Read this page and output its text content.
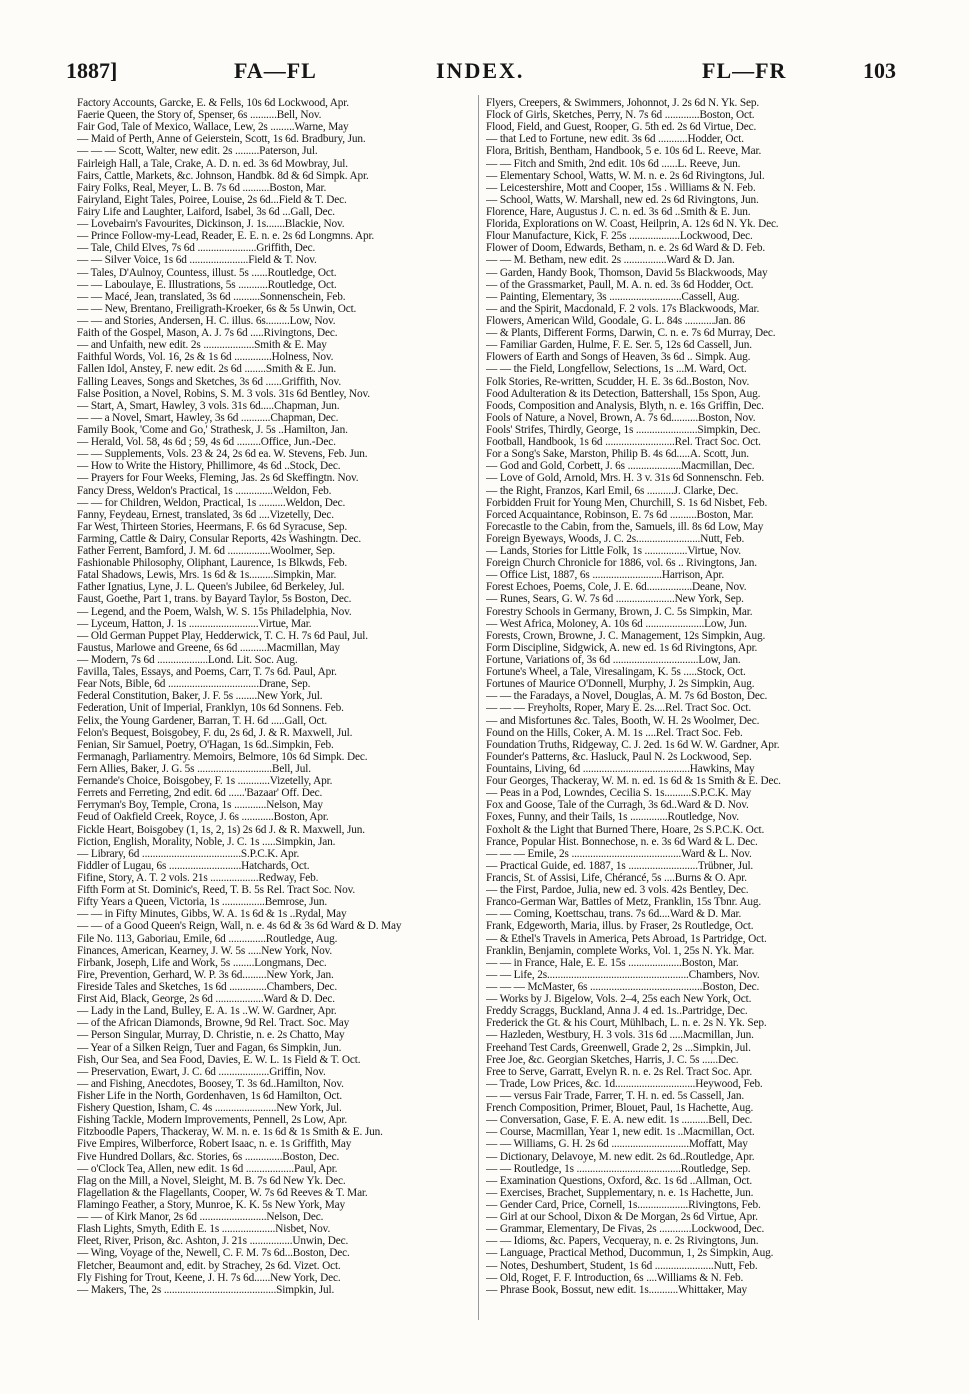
1887]	FA—FL	INDEX.	FL—FR	103
Factory Accounts, Garcke, E. & Fells, 10s 6d Lockwood, Apr.
Faerie Queen, the Story of, Spenser, 6s ..........Bell, Nov.
Fair God, Tale of Mexico, Wallace, Lew, 2s .........Warne, May
— Maid of Perth, Anne of Geierstein, Scott, 1s 6d. Bradbury, Jun.
— — — Scott, Walter, new edit. 2s .........Paterson, Jul.
Fairleigh Hall, a Tale, Crake, A. D. n. ed. 3s 6d Mowbray, Jul.
Fairs, Cattle, Markets, &c. Johnson, Handbk. 8d & 6d Simpk. Apr.
Fairy Folks, Real, Meyer, L. B. 7s 6d ..........Boston, Mar.
Fairyland, Eight Tales, Poiree, Louise, 2s 6d...Field & T. Dec.
Fairy Life and Laughter, Laiford, Isabel, 3s 6d ...Gall, Dec.
— Lovebairn's Favourites, Dickinson, J. 1s.......Blackie, Nov.
— Prince Follow-my-Lead, Reader, E. E. n. e. 2s 6d Longmns. Apr.
— Tale, Child Elves, 7s 6d ......................Griffith, Dec.
— — Silver Voice, 1s 6d ......................Field & T. Nov.
— Tales, D'Aulnoy, Countess, illust. 5s ......Routledge, Oct.
— — Laboulaye, E. Illustrations, 5s ...........Routledge, Oct.
— — Macé, Jean, translated, 3s 6d ..........Sonnenschein, Feb.
— — New, Brentano, Freiligrath-Kroeker, 6s & 5s Unwin, Oct.
— — and Stories, Andersen, H. C. illus. 6s.........Low, Nov.
Faith of the Gospel, Mason, A. J. 7s 6d .....Rivingtons, Dec.
— and Unfaith, new edit. 2s ...................Smith & E. May
Faithful Words, Vol. 16, 2s & 1s 6d ..............Holness, Nov.
Fallen Idol, Anstey, F. new edit. 2s 6d ........Smith & E. Jun.
Falling Leaves, Songs and Sketches, 3s 6d ......Griffith, Nov.
False Position, a Novel, Robins, S. M. 3 vols. 31s 6d Bentley, Nov.
— Start, A, Smart, Hawley, 3 vols. 31s 6d.....Chapman, Jun.
— — a Novel, Smart, Hawley, 3s 6d ...........Chapman, Dec.
Family Book, 'Come and Go,' Strathesk, J. 5s ..Hamilton, Jan.
— Herald, Vol. 58, 4s 6d ; 59, 4s 6d .........Office, Jun.-Dec.
— — Supplements, Vols. 23 & 24, 2s 6d ea. W. Stevens, Feb. Jun.
— How to Write the History, Phillimore, 4s 6d ..Stock, Dec.
— Prayers for Four Weeks, Fleming, Jas. 2s 6d Skeffingtn. Nov.
Fancy Dress, Weldon's Practical, 1s ..............Weldon, Feb.
— — for Children, Weldon, Practical, 1s ..........Weldon, Dec.
Fanny, Feydeau, Ernest, translated, 3s 6d ....Vizetelly, Dec.
Far West, Thirteen Stories, Heermans, F. 6s 6d Syracuse, Sep.
Farming, Cattle & Dairy, Consular Reports, 42s Washingtn. Dec.
Father Ferrent, Bamford, J. M. 6d ................Woolmer, Sep.
Fashionable Philosophy, Oliphant, Laurence, 1s Blkwds, Feb.
Fatal Shadows, Lewis, Mrs. 1s 6d & 1s.........Simpkin, Mar.
Father Ignatius, Lyne, J. L. Queen's Jubilee, 6d Berkeley, Jul.
Faust, Goethe, Part 1, trans. by Bayard Taylor, 5s Boston, Dec.
— Legend, and the Poem, Walsh, W. S. 15s Philadelphia, Nov.
— Lyceum, Hatton, J. 1s ..........................Virtue, Mar.
— Old German Puppet Play, Hedderwick, T. C. H. 7s 6d Paul, Jul.
Faustus, Marlowe and Greene, 6s 6d ..........Macmillan, May
— Modern, 7s 6d ...................Lond. Lit. Soc. Aug.
Favilla, Tales, Essays, and Poems, Carr, T. 7s 6d. Paul, Apr.
Fear Nots, Bible, 6d ..................................Drane, Sep.
Federal Constitution, Baker, J. F. 5s ........New York, Jul.
Federation, Unit of Imperial, Franklyn, 10s 6d Sonnens. Feb.
Felix, the Young Gardener, Barran, T. H. 6d .....Gall, Oct.
Felon's Bequest, Boisgobey, F. du, 2s 6d, J. & R. Maxwell, Jul.
Fenian, Sir Samuel, Poetry, O'Hagan, 1s 6d..Simpkin, Feb.
Fermanagh, Parliamentry. Memoirs, Belmore, 10s 6d Simpk. Dec.
Fern Allies, Baker, J. G. 5s ............................Bell, Jul.
Fernande's Choice, Boisgobey, F. 1s ............Vizetelly, Apr.
Ferrets and Ferreting, 2nd edit. 6d ......'Bazaar' Off. Dec.
Ferryman's Boy, Temple, Crona, 1s ............Nelson, May
Feud of Oakfield Creek, Royce, J. 6s ............Boston, Apr.
Fickle Heart, Boisgobey (1, 1s, 2, 1s) 2s 6d J. & R. Maxwell, Jun.
Fiction, English, Morality, Noble, J. C. 1s .....Simpkin, Jan.
— Library, 6d .....................................S.P.C.K. Apr.
Fiddler of Lugau, 6s ...........................Hatchards, Oct.
Fifine, Story, A. T. 2 vols. 21s ..................Redway, Feb.
Fifth Form at St. Dominic's, Reed, T. B. 5s Rel. Tract Soc. Nov.
Fifty Years a Queen, Victoria, 1s ................Bemrose, Jun.
— — in Fifty Minutes, Gibbs, W. A. 1s 6d & 1s ..Rydal, May
— — of a Good Queen's Reign, Wall, n. e. 4s 6d & 3s 6d Ward & D. May
File No. 113, Gaboriau, Emile, 6d ..............Routledge, Aug.
Finances, American, Kearney, J. W. 5s .....New York, Nov.
Firbank, Joseph, Life and Work, 5s ........Longmans, Dec.
Fire, Prevention, Gerhard, W. P. 3s 6d.........New York, Jan.
Fireside Tales and Sketches, 1s 6d ..............Chambers, Dec.
First Aid, Black, George, 2s 6d ..................Ward & D. Dec.
— Lady in the Land, Bulley, E. A. 1s ..W. W. Gardner, Apr.
— of the African Diamonds, Browne, 9d Rel. Tract. Soc. May
— Person Singular, Murray, D. Christie, n. e. 2s Chatto, May
— Year of a Silken Reign, Tuer and Fagan, 6s Simpkin, Jun.
Fish, Our Sea, and Sea Food, Davies, E. W. L. 1s Field & T. Oct.
— Preservation, Ewart, J. C. 6d ...................Griffin, Nov.
— and Fishing, Anecdotes, Boosey, T. 3s 6d..Hamilton, Nov.
Fisher Life in the North, Gordenhaven, 1s 6d Hamilton, Oct.
Fishery Question, Isham, C. 4s .......................New York, Jul.
Fishing Tackle, Modern Improvements, Pennell, 2s Low, Apr.
Fitzboodle Papers, Thackeray, W. M. n. e. 1s 6d & 1s Smith & E. Jun.
Five Empires, Wilberforce, Robert Isaac, n. e. 1s Griffith, May
Five Hundred Dollars, &c. Stories, 6s ..............Boston, Dec.
— o'Clock Tea, Allen, new edit. 1s 6d ..................Paul, Apr.
Flag on the Mill, a Novel, Sleight, M. B. 7s 6d New Yk. Dec.
Flagellation & the Flagellants, Cooper, W. 7s 6d Reeves & T. Mar.
Flamingo Feather, a Story, Munroe, K. K. 5s New York, May
— — of Kirk Manor, 2s 6d .........................Nelson, Dec.
Flash Lights, Smyth, Edith E. 1s ....................Nisbet, Nov.
Fleet, River, Prison, &c. Ashton, J. 21s ................Unwin, Dec.
— Wing, Voyage of the, Newell, C. F. M. 7s 6d...Boston, Dec.
Fletcher, Beaumont and, edit. by Strachey, 2s 6d. Vizet. Oct.
Fly Fishing for Trout, Keene, J. H. 7s 6d......New York, Dec.
— Makers, The, 2s ..........................................Simpkin, Jul.
Flyers, Creepers, & Swimmers, Johonnot, J. 2s 6d N. Yk. Sep.
Flock of Girls, Sketches, Perry, N. 7s 6d .............Boston, Oct.
Flood, Field, and Guest, Rooper, G. 5th ed. 2s 6d Virtue, Dec.
— that Led to Fortune, new edit. 3s 6d ...........Hodder, Oct.
Flora, British, Bentham, Handbook, 5 e. 10s 6d L. Reeve, Mar.
— — Fitch and Smith, 2nd edit. 10s 6d ......L. Reeve, Jun.
— Elementary School, Watts, W. M. n. e. 2s 6d Rivingtons, Jul.
— Leicestershire, Mott and Cooper, 15s . Williams & N. Feb.
— School, Watts, W. Marshall, new ed. 2s 6d Rivingtons, Jun.
Florence, Hare, Augustus J. C. n. ed. 3s 6d ..Smith & E. Jun.
Florida, Explorations on W. Coast, Heilprin, A. 12s 6d N. Yk. Dec.
Flour Manufacture, Kick, F. 25s ...................Lockwood, Dec.
Flower of Doom, Edwards, Betham, n. e. 2s 6d Ward & D. Feb.
— — M. Betham, new edit. 2s ................Ward & D. Jan.
— Garden, Handy Book, Thomson, David 5s Blackwoods, May
— of the Grassmarket, Paull, M. A. n. ed. 3s 6d Hodder, Oct.
— Painting, Elementary, 3s ...........................Cassell, Aug.
— and the Spirit, Macdonald, F. 2 vols. 17s Blackwoods, Mar.
Flowers, American Wild, Goodale, G. L. 84s ...........Jan. 86
— & Plants, Different Forms, Darwin, C. n. e. 7s 6d Murray, Dec.
— Familiar Garden, Hulme, F. E. Ser. 5, 12s 6d Cassell, Jun.
Flowers of Earth and Songs of Heaven, 3s 6d .. Simpk. Aug.
— — the Field, Longfellow, Selections, 1s ...M. Ward, Oct.
Folk Stories, Re-written, Scudder, H. E. 3s 6d..Boston, Nov.
Food Adulteration & its Detection, Battershall, 15s Spon, Aug.
Foods, Composition and Analysis, Blyth, n. e. 16s Griffin, Dec.
Fools of Nature, a Novel, Brown, A. 7s 6d..........Boston, Nov.
Fools' Strifes, Thirdly, George, 1s .......................Simpkin, Dec.
Football, Handbook, 1s 6d ..........................Rel. Tract Soc. Oct.
For a Song's Sake, Marston, Philip B. 4s 6d.....A. Scott, Jun.
— God and Gold, Corbett, J. 6s ....................Macmillan, Dec.
— Love of Gold, Arnold, Mrs. H. 3 v. 31s 6d Sonnenschn. Feb.
— the Right, Franzos, Karl Emil, 6s ..........J. Clarke, Dec.
Forbidden Fruit for Young Men, Churchill, S. 1s 6d Nisbet, Feb.
Forced Acquaintance, Robinson, E. 7s 6d ..........Boston, Mar.
Forecastle to the Cabin, from the, Samuels, ill. 8s 6d Low, May
Foreign Byeways, Woods, J. C. 2s........................Nutt, Feb.
— Lands, Stories for Little Folk, 1s ................Virtue, Nov.
Foreign Church Chronicle for 1886, vol. 6s .. Rivingtons, Jan.
— Office List, 1887, 6s ..........................Harrison, Apr.
Forest Echoes, Poems, Cole, J. E. 6d.................Deane, Nov.
— Runes, Sears, G. W. 7s 6d ......................New York, Sep.
Forestry Schools in Germany, Brown, J. C. 5s Simpkin, Mar.
— West Africa, Moloney, A. 10s 6d ......................Low, Jun.
Forests, Crown, Browne, J. C. Management, 12s Simpkin, Aug.
Form Discipline, Sidgwick, A. new ed. 1s 6d Rivingtons, Apr.
Fortune, Variations of, 3s 6d ................................Low, Jan.
Fortune's Wheel, a Tale, Viresalingam, K. 5s .....Stock, Oct.
Fortunes of Maurice O'Donnell, Murphy, J. 2s Simpkin, Aug.
— — the Faradays, a Novel, Douglas, A. M. 7s 6d Boston, Dec.
— — — Freyholts, Roper, Mary E. 2s....Rel. Tract Soc. Oct.
— and Misfortunes &c. Tales, Booth, W. H. 2s Woolmer, Dec.
Found on the Hills, Coker, A. M. 1s ....Rel. Tract Soc. Feb.
Foundation Truths, Ridgeway, C. J. 2ed. 1s 6d W. W. Gardner, Apr.
Founder's Patterns, &c. Hasluck, Paul N. 2s Lockwood, Sep.
Fountains, Living, 6d ........................................Hawkins, May
Four Georges, Thackeray, W. M. n. ed. 1s 6d & 1s Smith & E. Dec.
— Peas in a Pod, Lowndes, Cecilia S. 1s..........S.P.C.K. May
Fox and Goose, Tale of the Curragh, 3s 6d..Ward & D. Nov.
Foxes, Funny, and their Tails, 1s ..............Routledge, Nov.
Foxholt & the Light that Burned There, Hoare, 2s S.P.C.K. Oct.
France, Popular Hist. Bonnechose, n. e. 3s 6d Ward & L. Dec.
— — — Emile, 2s .........................................Ward & L. Nov.
— Practical Guide, ed. 1887, 1s ..........................Trübner, Jul.
Francis, St. of Assisi, Life, Chérancé, 5s ....Burns & O. Apr.
— the First, Pardoe, Julia, new ed. 3 vols. 42s Bentley, Dec.
Franco-German War, Battles of Metz, Franklin, 15s Tbnr. Aug.
— — Coming, Koettschau, trans. 7s 6d....Ward & D. Mar.
Frank, Edgeworth, Maria, illus. by Fraser, 2s Routledge, Oct.
— & Ethel's Travels in America, Pets Abroad, 1s Partridge, Oct.
Franklin, Benjamin, complete Works, Vol. 1, 25s N. Yk. Mar.
— — in France, Hale, E. E. 15s ....................Boston, Mar.
— — Life, 2s.....................................................Chambers, Nov.
— — — McMaster, 6s ..........................................Boston, Dec.
— Works by J. Bigelow, Vols. 2–4, 25s each New York, Oct.
Freddy Scraggs, Buckland, Anna J. 4 ed. 1s..Partridge, Dec.
Frederick the Gt. & his Court, Mühlbach, L. n. e. 2s N. Yk. Sep.
— Hazleden, Westbury, H. 3 vols. 31s 6d .....Macmillan, Jun.
Freehand Test Cards, Greenwell, Grade 2, 2s ...Simpkin, Jul.
Free Joe, &c. Georgian Sketches, Harris, J. C. 5s ......Dec.
Free to Serve, Garratt, Evelyn R. n. e. 2s Rel. Tract Soc. Apr.
— Trade, Low Prices, &c. 1d..............................Heywood, Feb.
— — versus Fair Trade, Farrer, T. H. n. ed. 5s Cassell, Jan.
French Composition, Primer, Blouet, Paul, 1s Hachette, Aug.
— Conversation, Gase, F. E. A. new edit. 1s ..........Bell, Dec.
— Course, Macmillan, Year 1, new edit. 1s ..Macmillan, Oct.
— — Williams, G. H. 2s 6d .............................Moffatt, May
— Dictionary, Delavoye, M. new edit. 2s 6d..Routledge, Apr.
— — Routledge, 1s .......................................Routledge, Sep.
— Examination Questions, Oxford, &c. 1s 6d ..Allman, Oct.
— Exercises, Brachet, Supplementary, n. e. 1s Hachette, Jun.
— Gender Card, Price, Cornell, 1s...................Rivingtons, Feb.
— Girl at our School, Dixon & De Morgan, 2s 6d Virtue, Apr.
— Grammar, Elementary, De Fivas, 2s ............Lockwood, Dec.
— — Idioms, &c. Papers, Vecqueray, n. e. 2s Rivingtons, Jun.
— Language, Practical Method, Ducommun, 1, 2s Simpkin, Aug.
— Notes, Deshumbert, Student, 1s 6d ......................Nutt, Feb.
— Old, Roget, F. F. Introduction, 6s ....Williams & N. Feb.
— Phrase Book, Bossut, new edit. 1s...........Whittaker, May
